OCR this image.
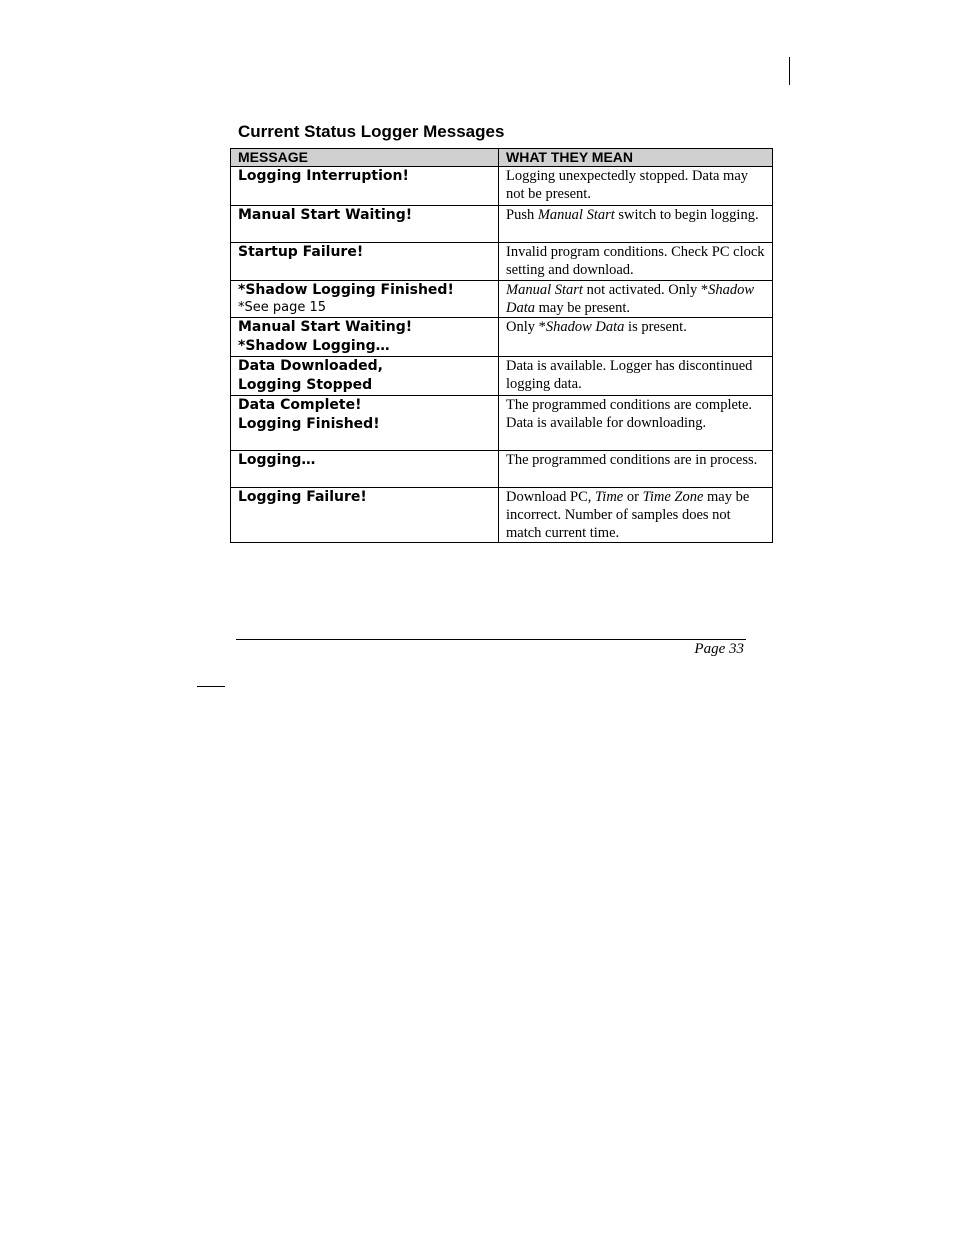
Current Status Logger Messages
MESSAGE	WHAT THEY MEAN

Logging Interruption!	Logging unexpectedly stopped. Data may not be present.

Manual Start Waiting!	Push Manual Start switch to begin logging.

Startup Failure!	Invalid program conditions. Check PC clock setting and download.

*Shadow Logging Finished!
*See page 15	Manual Start not activated. Only *Shadow Data may be present.

Manual Start Waiting!
*Shadow Logging…	Only *Shadow Data is present.

Data Downloaded,
Logging Stopped	Data is available. Logger has discontinued logging data.

Data Complete!
Logging Finished!	The programmed conditions are complete. Data is available for downloading.

Logging…	The programmed conditions are in process.

Logging Failure!	Download PC, Time or Time Zone may be incorrect. Number of samples does not match current time.
Page 33
